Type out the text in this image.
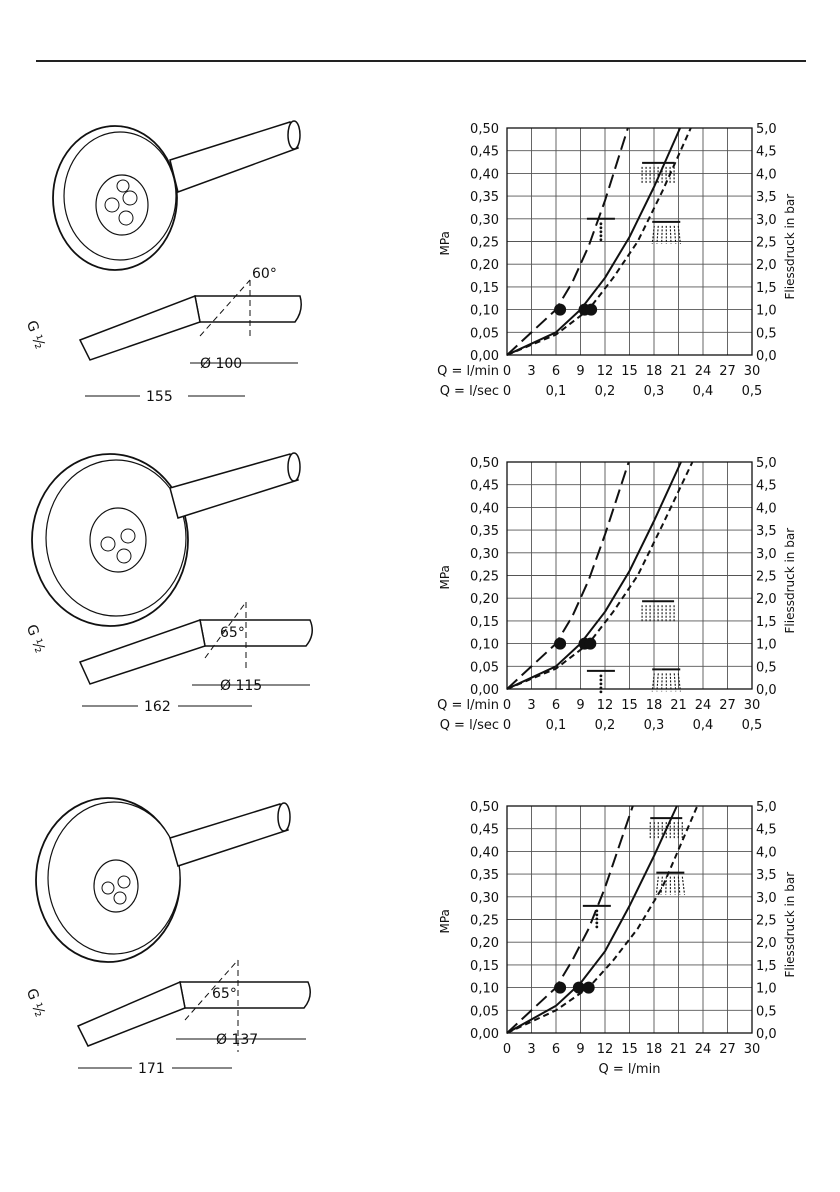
60°
Ø 100
155
G ½
0,00
0,05
0,10
0,15
0,20
0,25
0,30
0,35
0,40
0,45
0,50
0,0
0,5
1,0
1,5
2,0
2,5
3,0
3,5
4,0
4,5
5,0
MPa	Fliessdruck in bar
Q = l/min 0 3 6 9 12 15 18 21 24 27 30
Q = l/sec 0	0,1 0,2 0,3 0,4 0,5
65°
Ø 115
162
G ½
0,00
0,05
0,10
0,15
0,20
0,25
0,30
0,35
0,40
0,45
0,50
0,0
0,5
1,0
1,5
2,0
2,5
3,0
3,5
4,0
4,5
5,0
MPa	Fliessdruck in bar
Q = l/min 0 3 6 9 12 15 18 21 24 27 30
Q = l/sec 0	0,1 0,2 0,3 0,4 0,5
65°
Ø 137
171
G ½
0,00
0,05
0,10
0,15
0,20
0,25
0,30
0,35
0,40
0,45
0,50
0,0
0,5
1,0
1,5
2,0
2,5
3,0
3,5
4,0
4,5
5,0
MPa	Fliessdruck in bar
0 3 6 9 12 15 18 21 24 27 30
Q = l/min
